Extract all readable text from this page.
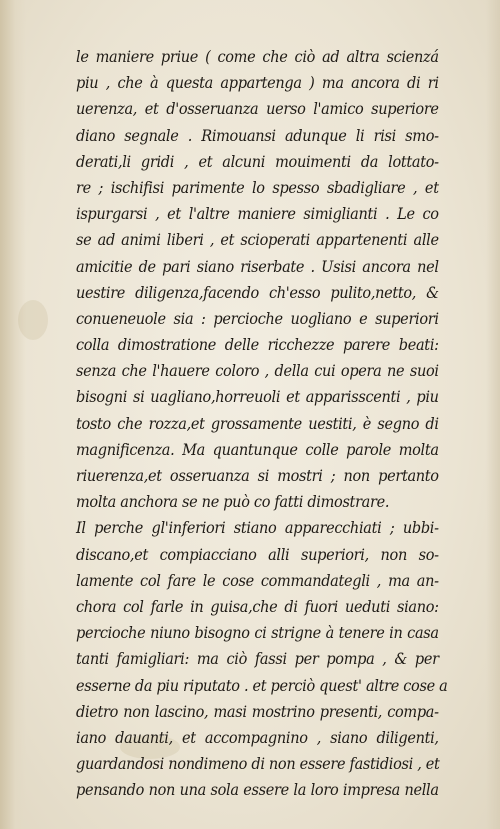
le maniere priue ( come che ciò ad altra scienzá
piu , che à questa appartenga ) ma ancora di ri
uerenza, et d'osseruanza uerso l'amico superiore
diano segnale . Rimouansi adunque li risi smo-
derati,li gridi , et alcuni mouimenti da lottato-
re ; ischifisi parimente lo spesso sbadigliare , et
ispurgarsi , et l'altre maniere simiglianti . Le co
se ad animi liberi , et scioperati appartenenti alle
amicitie de pari siano riserbate . Usisi ancora nel
uestire diligenza,facendo ch'esso pulito,netto, &
conueneuole sia : percioche uogliano e superiori
colla dimostratione delle ricchezze parere beati:
senza che l'hauere coloro , della cui opera ne suoi
bisogni si uagliano,horreuoli et apparisscenti , piu
tosto che rozza,et grossamente uestiti, è segno di
magnificenza. Ma quantunque colle parole molta
riuerenza,et osseruanza si mostri ; non pertanto
molta anchora se ne può co fatti dimostrare.
Il perche gl'inferiori stiano apparecchiati ; ubbi-
discano,et compiacciano alli superiori, non so-
lamente col fare le cose commandategli , ma an-
chora col farle in guisa,che di fuori ueduti siano:
percioche niuno bisogno ci strigne à tenere in casa
tanti famigliari: ma ciò fassi per pompa , & per
esserne da piu riputato . et perciò quest' altre cose a
dietro non lascino, masi mostrino presenti, compa-
iano dauanti, et accompagnino , siano diligenti,
guardandosi nondimeno di non essere fastidiosi , et
pensando non una sola essere la loro impresa nella
